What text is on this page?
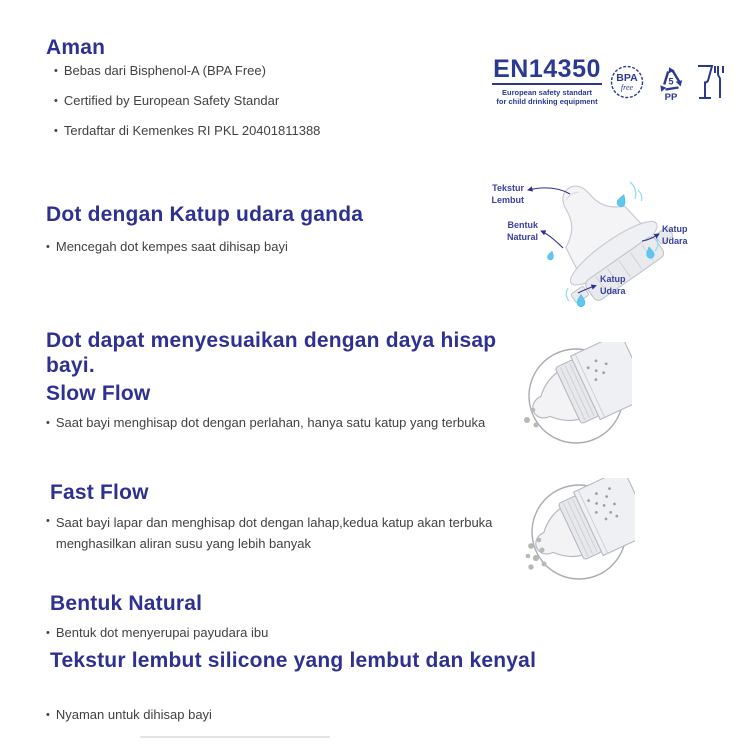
Aman
• Bebas dari Bisphenol-A (BPA Free)
• Certified by European Safety Standar
• Terdaftar di Kemenkes RI PKL 20401811388
EN14350
European safety standart
for child drinking equipment
BPA
free
5
PP
Dot dengan Katup udara ganda
• Mencegah dot kempes saat dihisap bayi
Tekstur
Lembut
Bentuk
Natural
Katup
Udara
Katup
Udara
Dot dapat menyesuaikan dengan daya hisap bayi.
Slow Flow
• Saat bayi menghisap dot dengan perlahan, hanya satu katup yang terbuka
Fast Flow
• Saat bayi lapar dan menghisap dot dengan lahap,kedua katup akan terbuka menghasilkan aliran susu yang lebih banyak
Bentuk Natural
• Bentuk dot menyerupai payudara ibu
Tekstur lembut silicone yang lembut dan kenyal
• Nyaman untuk dihisap bayi
